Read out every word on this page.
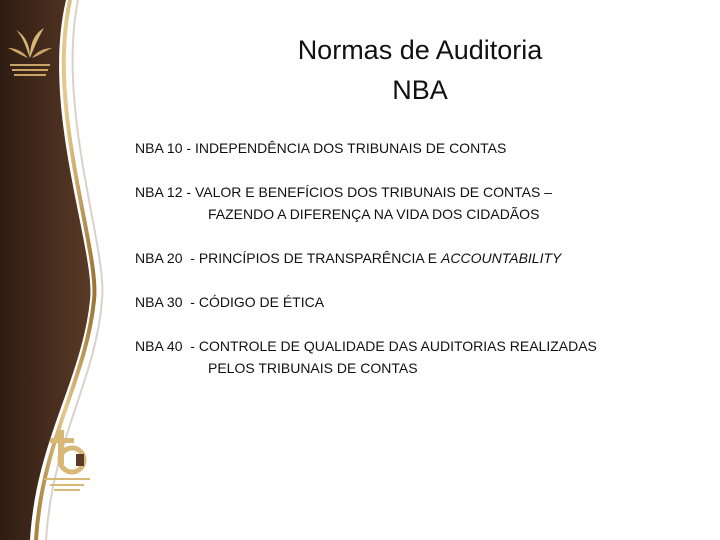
Normas de Auditoria
NBA
NBA 10 - INDEPENDÊNCIA DOS TRIBUNAIS DE CONTAS
NBA 12 - VALOR E BENEFÍCIOS DOS TRIBUNAIS DE CONTAS –
FAZENDO A DIFERENÇA NA VIDA DOS CIDADÃOS
NBA 20  - PRINCÍPIOS DE TRANSPARÊNCIA E ACCOUNTABILITY
NBA 30  - CÓDIGO DE ÉTICA
NBA 40  - CONTROLE DE QUALIDADE DAS AUDITORIAS REALIZADAS
PELOS TRIBUNAIS DE CONTAS
